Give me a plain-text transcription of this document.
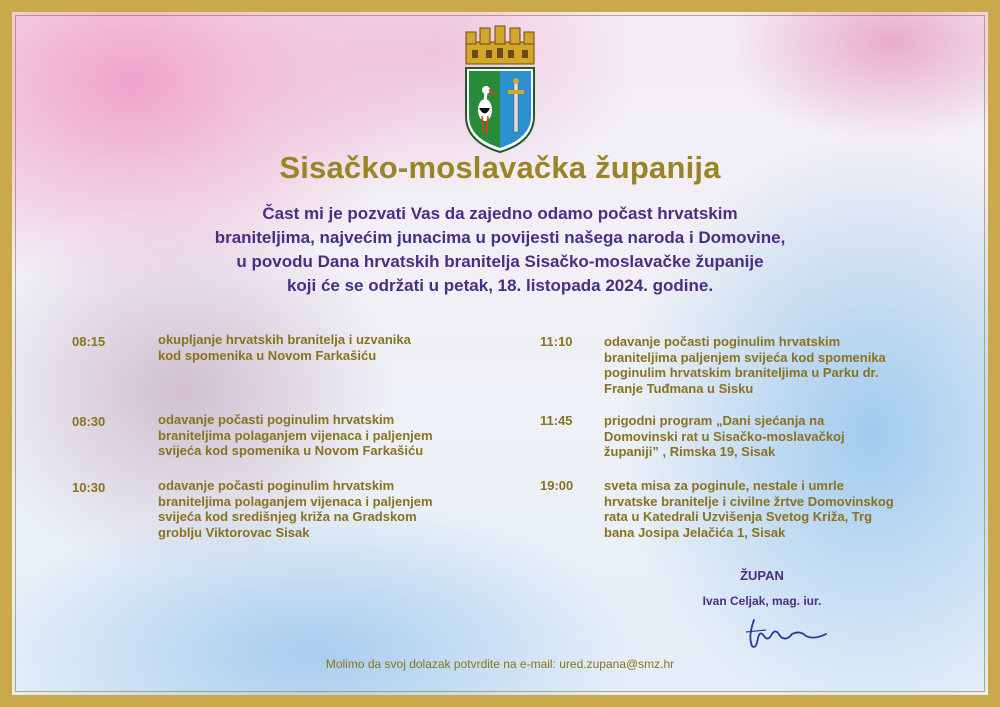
Sisačko-moslavačka županija
Čast mi je pozvati Vas da zajedno odamo počast hrvatskim
braniteljima, najvećim junacima u povijesti našega naroda i Domovine,
u povodu Dana hrvatskih branitelja Sisačko-moslavačke županije
koji će se održati u petak, 18. listopada 2024. godine.
08:15	okupljanje hrvatskih branitelja i uzvanika
kod spomenika u Novom Farkašiću
08:30	odavanje počasti poginulim hrvatskim
braniteljima polaganjem vijenaca i paljenjem
svijeća kod spomenika u Novom Farkašiću
10:30	odavanje počasti poginulim hrvatskim
braniteljima polaganjem vijenaca i paljenjem
svijeća kod središnjeg križa na Gradskom
groblju Viktorovac Sisak
11:10	odavanje počasti poginulim hrvatskim
braniteljima paljenjem svijeća kod spomenika
poginulim hrvatskim braniteljima u Parku dr.
Franje Tuđmana u Sisku
11:45	prigodni program „Dani sjećanja na
Domovinski rat u Sisačko-moslavačkoj
županiji” , Rimska 19, Sisak
19:00	sveta misa za poginule, nestale i umrle
hrvatske branitelje i civilne žrtve Domovinskog
rata u Katedrali Uzvišenja Svetog Križa, Trg
bana Josipa Jelačića 1, Sisak
ŽUPAN
Ivan Celjak, mag. iur.
Molimo da svoj dolazak potvrdite na e-mail: ured.zupana@smz.hr
